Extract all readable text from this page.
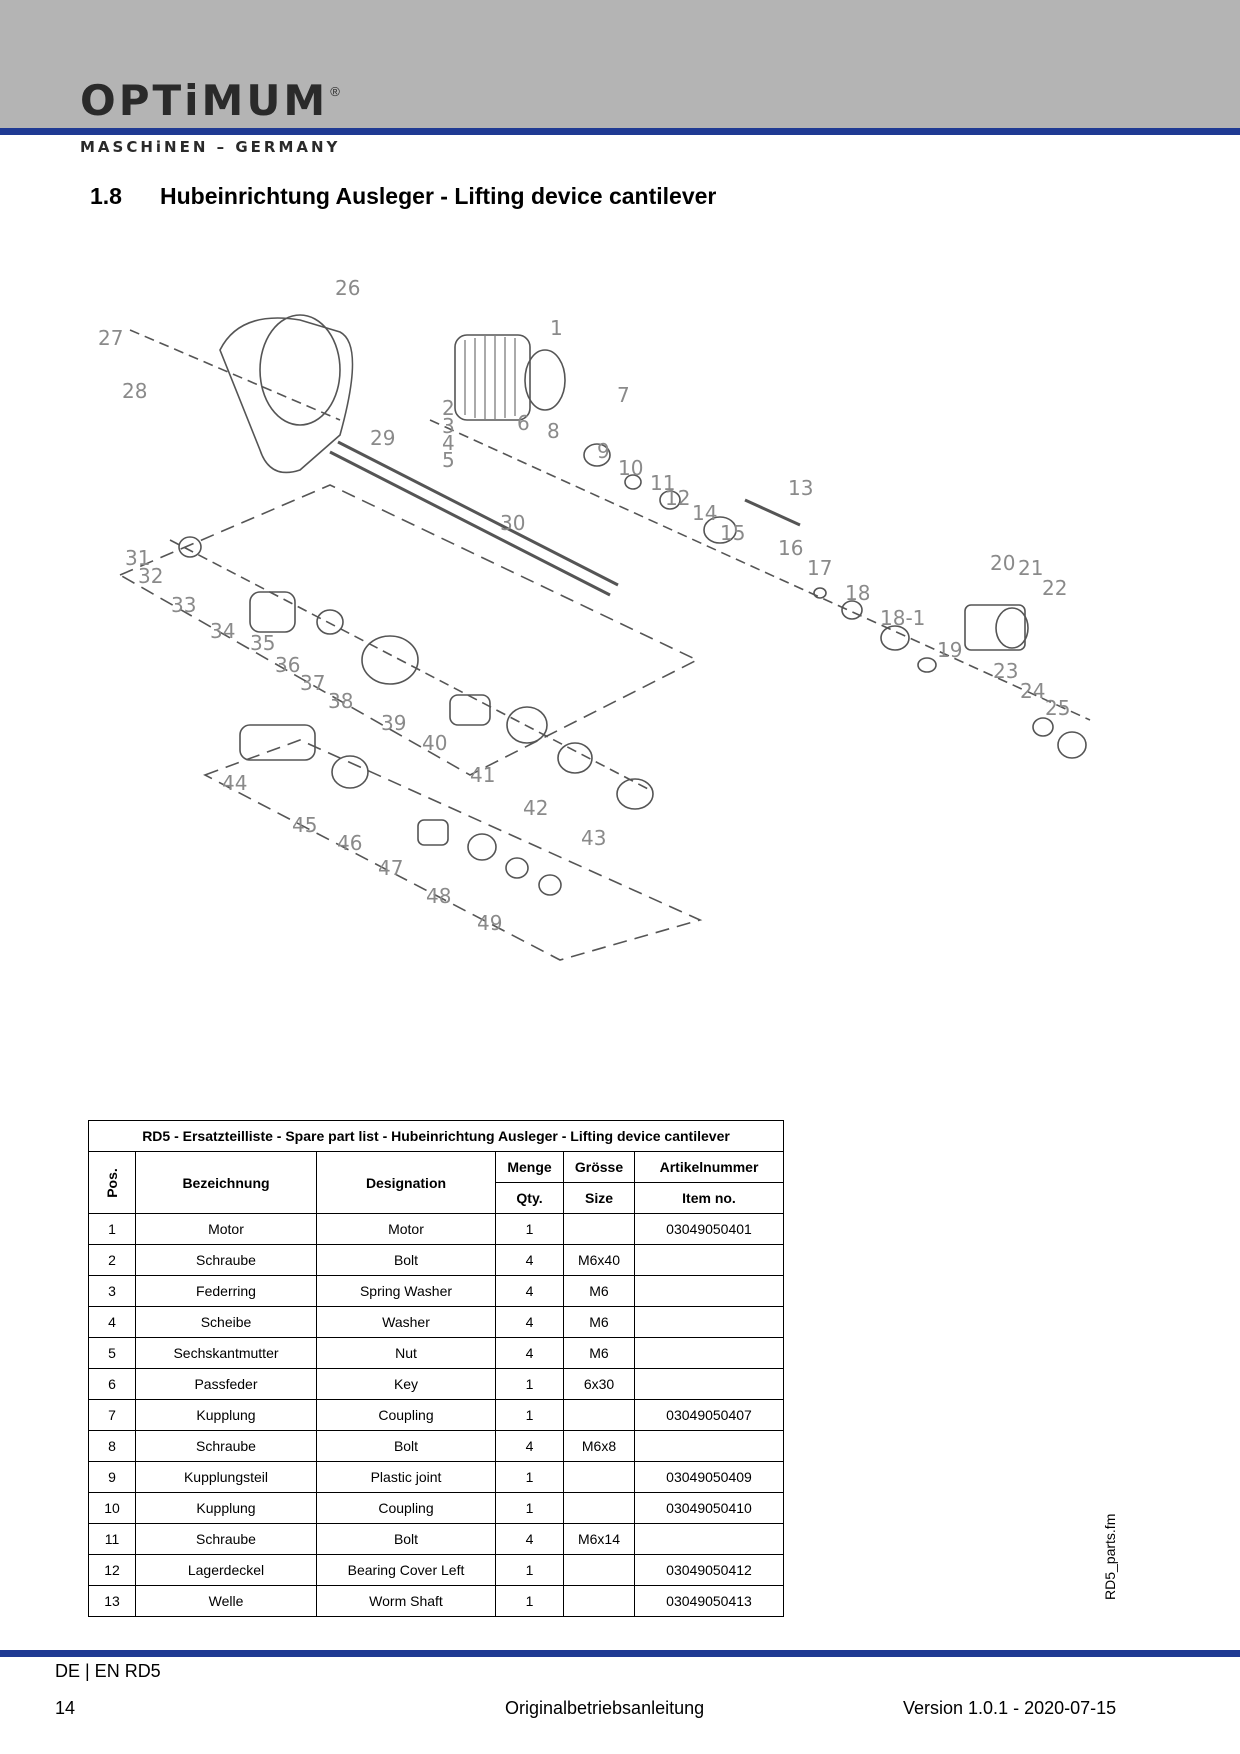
OPTiMUM ®
MASCHiNEN – GERMANY
1.8 Hubeinrichtung Ausleger - Lifting device cantilever
1
2
3
4
5
6
7
8
9
10
11
12	13
14
15
16
17
18
18-1
19
20 21
22
23
24
25
26
27
28
29
30
31
32
33
34 35
36
37
38
39
40
41
42
43
44
45
46
47
48
49
RD5 - Ersatzteilliste - Spare part list - Hubeinrichtung Ausleger - Lifting device cantilever					
Pos.	Bezeichnung	Designation	Menge	Grösse	Artikelnummer
			Qty.	Size	Item no.
1	Motor	Motor	1		03049050401
2	Schraube	Bolt	4	M6x40	
3	Federring	Spring Washer	4	M6	
4	Scheibe	Washer	4	M6	
5	Sechskantmutter	Nut	4	M6	
6	Passfeder	Key	1	6x30	
7	Kupplung	Coupling	1		03049050407
8	Schraube	Bolt	4	M6x8	
9	Kupplungsteil	Plastic joint	1		03049050409
10	Kupplung	Coupling	1		03049050410
11	Schraube	Bolt	4	M6x14	
12	Lagerdeckel	Bearing Cover Left	1		03049050412
13	Welle	Worm Shaft	1		03049050413
RD5_parts.fm
DE | EN RD5
14	Originalbetriebsanleitung	Version 1.0.1 - 2020-07-15
